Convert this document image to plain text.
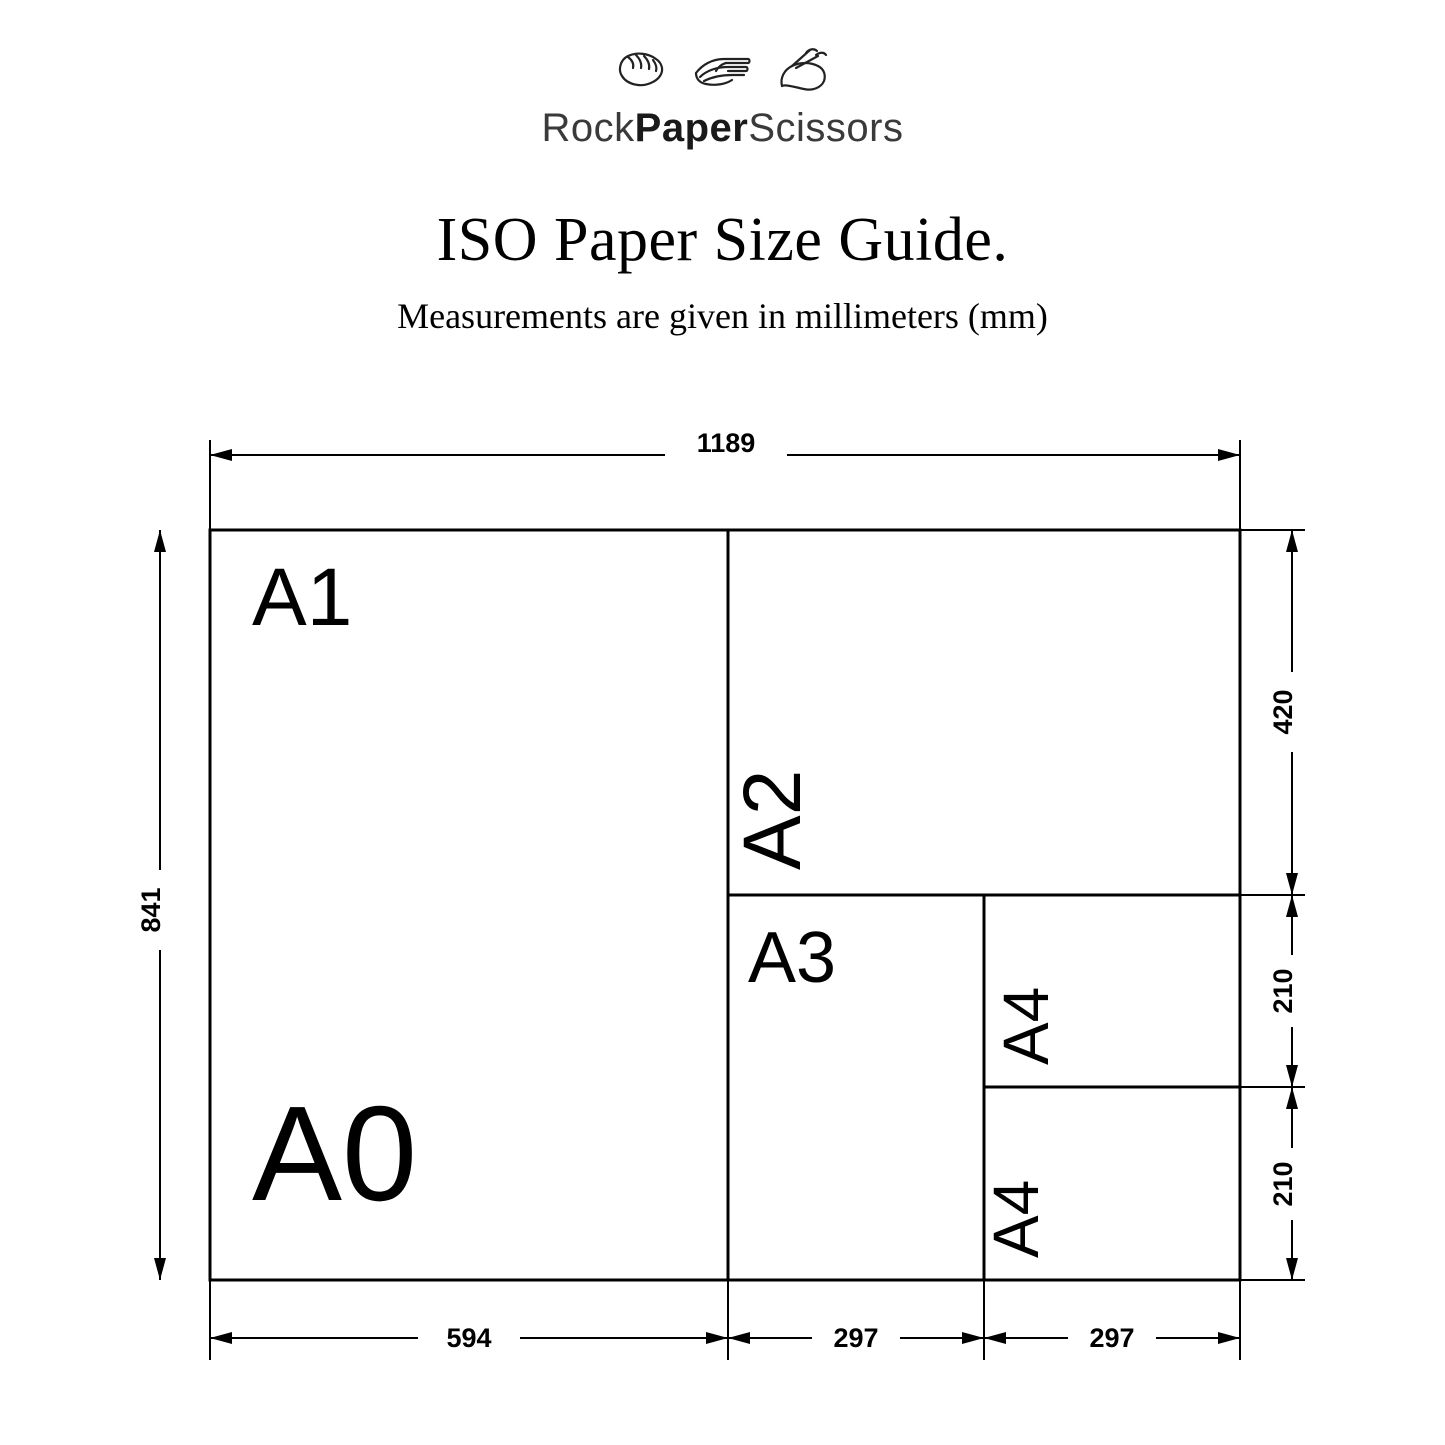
RockPaperScissors
ISO Paper Size Guide.
Measurements are given in millimeters (mm)
A1
A0
A2
A3
A4
A4
1189
841
420
210
210
594	297	297
